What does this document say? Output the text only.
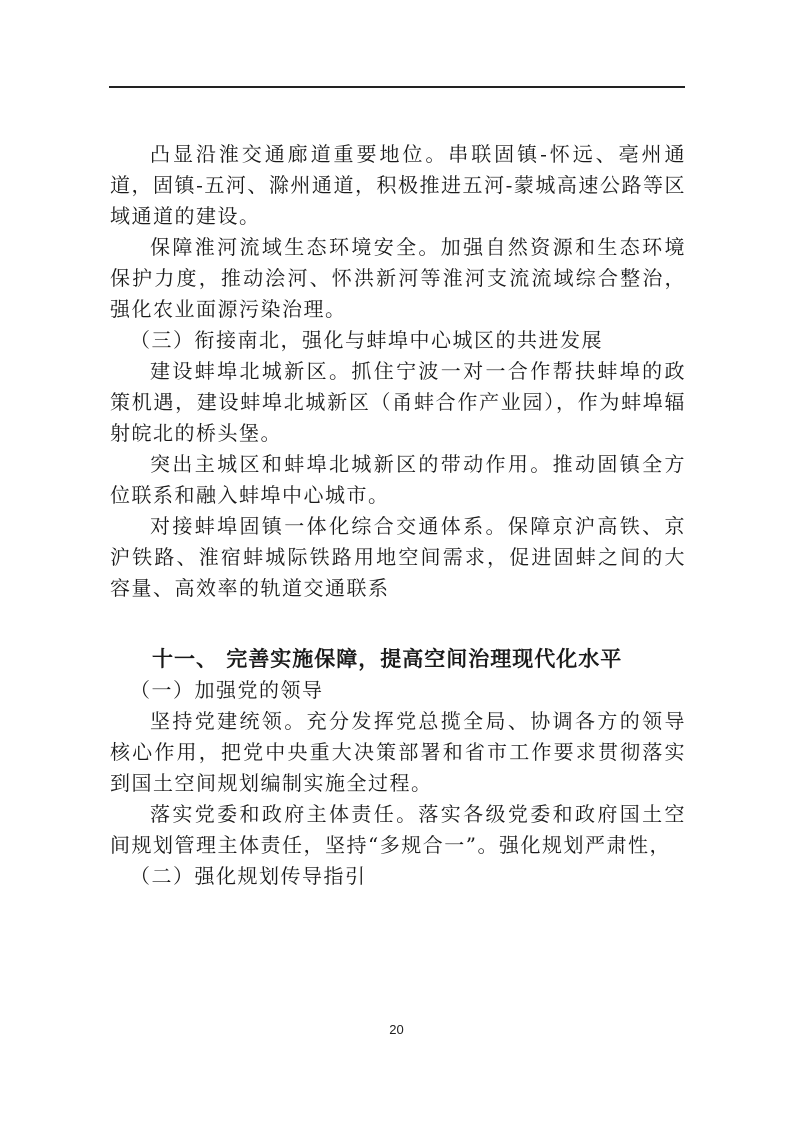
凸显沿淮交通廊道重要地位。串联固镇-怀远、亳州通道，固镇-五河、滁州通道，积极推进五河-蒙城高速公路等区域通道的建设。

保障淮河流域生态环境安全。加强自然资源和生态环境保护力度，推动浍河、怀洪新河等淮河支流流域综合整治，强化农业面源污染治理。

（三）衔接南北，强化与蚌埠中心城区的共进发展

建设蚌埠北城新区。抓住宁波一对一合作帮扶蚌埠的政策机遇，建设蚌埠北城新区（甬蚌合作产业园），作为蚌埠辐射皖北的桥头堡。

突出主城区和蚌埠北城新区的带动作用。推动固镇全方位联系和融入蚌埠中心城市。

对接蚌埠固镇一体化综合交通体系。保障京沪高铁、京沪铁路、淮宿蚌城际铁路用地空间需求，促进固蚌之间的大容量、高效率的轨道交通联系

十一、 完善实施保障，提高空间治理现代化水平

（一）加强党的领导

坚持党建统领。充分发挥党总揽全局、协调各方的领导核心作用，把党中央重大决策部署和省市工作要求贯彻落实到国土空间规划编制实施全过程。

落实党委和政府主体责任。落实各级党委和政府国土空间规划管理主体责任，坚持“多规合一”。强化规划严肃性，

（二）强化规划传导指引

20
